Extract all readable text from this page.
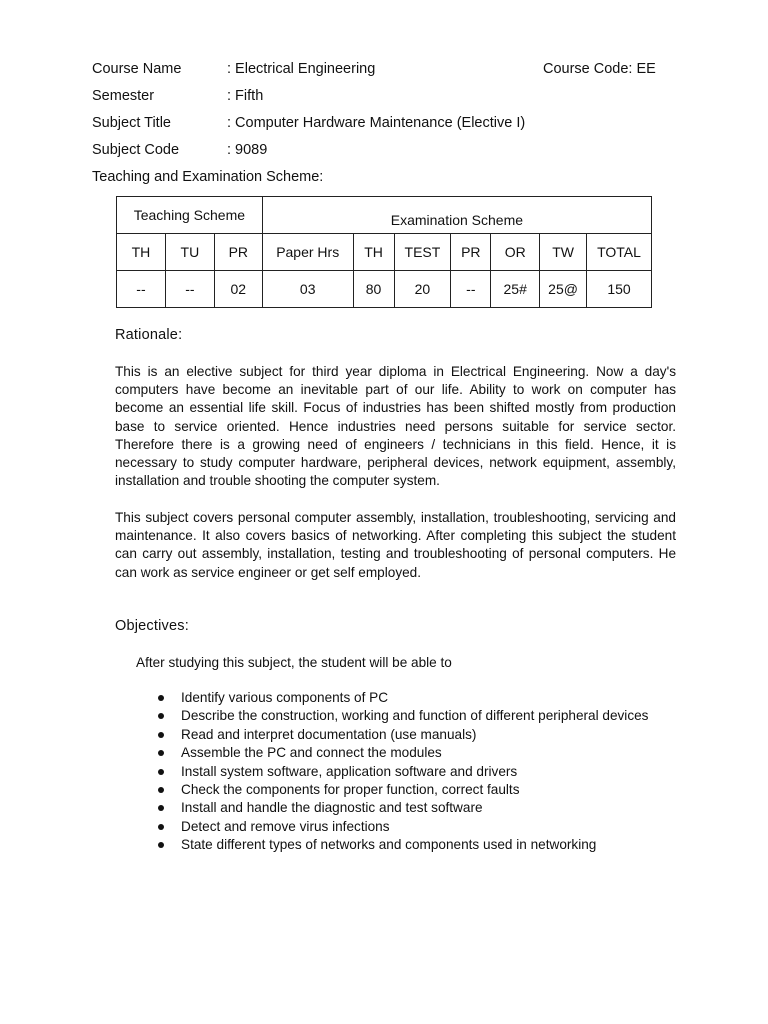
Course Name	: Electrical Engineering	Course Code: EE
Semester	: Fifth
Subject Title	: Computer Hardware Maintenance (Elective I)
Subject Code	: 9089
Teaching and Examination Scheme:
Teaching Scheme			Examination Scheme						
TH	TU	PR	Paper Hrs	TH	TEST	PR	OR	TW	TOTAL
--	--	02	03	80	20	--	25#	25@	150
Rationale:

This is an elective subject for third year diploma in Electrical Engineering. Now a day's computers have become an inevitable part of our life. Ability to work on computer has become an essential life skill. Focus of industries has been shifted mostly from production base to service oriented. Hence industries need persons suitable for service sector. Therefore there is a growing need of engineers / technicians in this field. Hence, it is necessary to study computer hardware, peripheral devices, network equipment, assembly, installation and trouble shooting the computer system.

This subject covers personal computer assembly, installation, troubleshooting, servicing and maintenance. It also covers basics of networking. After completing this subject the student can carry out assembly, installation, testing and troubleshooting of personal computers. He can work as service engineer or get self employed.

Objectives:
After studying this subject, the student will be able to
Identify various components of PC
Describe the construction, working and function of different peripheral devices
Read and interpret documentation (use manuals)
Assemble the PC and connect the modules
Install system software, application software and drivers
Check the components for proper function, correct faults
Install and handle the diagnostic and test software
Detect and remove virus infections
State different types of networks and components used in networking
